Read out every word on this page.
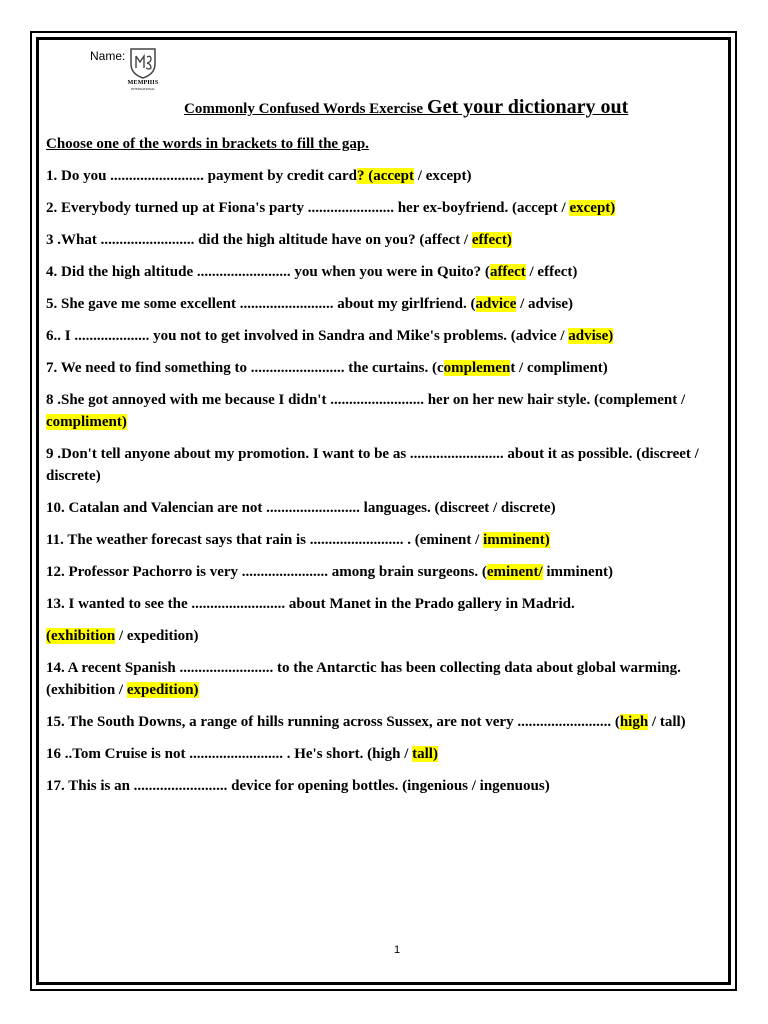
Name:
MEMPHIS
INTERNATIONAL
Commonly Confused Words Exercise Get your dictionary out
Choose one of the words in brackets to fill the gap.
1. Do you ......................... payment by credit card? (accept / except)
2. Everybody turned up at Fiona's party ....................... her ex-boyfriend. (accept / except)
3 .What ......................... did the high altitude have on you? (affect / effect)
4. Did the high altitude ......................... you when you were in Quito? (affect / effect)
5. She gave me some excellent ......................... about my girlfriend. (advice / advise)
6.. I .................... you not to get involved in Sandra and Mike's problems. (advice / advise)
7. We need to find something to ......................... the curtains. (complement / compliment)
8 .She got annoyed with me because I didn't ......................... her on her new hair style. (complement / compliment)
9 .Don't tell anyone about my promotion. I want to be as ......................... about it as possible. (discreet / discrete)
10. Catalan and Valencian are not ......................... languages. (discreet / discrete)
11. The weather forecast says that rain is ......................... . (eminent / imminent)
12. Professor Pachorro is very ....................... among brain surgeons. (eminent/ imminent)
13. I wanted to see the ......................... about Manet in the Prado gallery in Madrid.
(exhibition / expedition)
14. A recent Spanish ......................... to the Antarctic has been collecting data about global warming. (exhibition / expedition)
15. The South Downs, a range of hills running across Sussex, are not very ......................... (high / tall)
16 ..Tom Cruise is not ......................... . He's short. (high / tall)
17. This is an ......................... device for opening bottles. (ingenious / ingenuous)
1
